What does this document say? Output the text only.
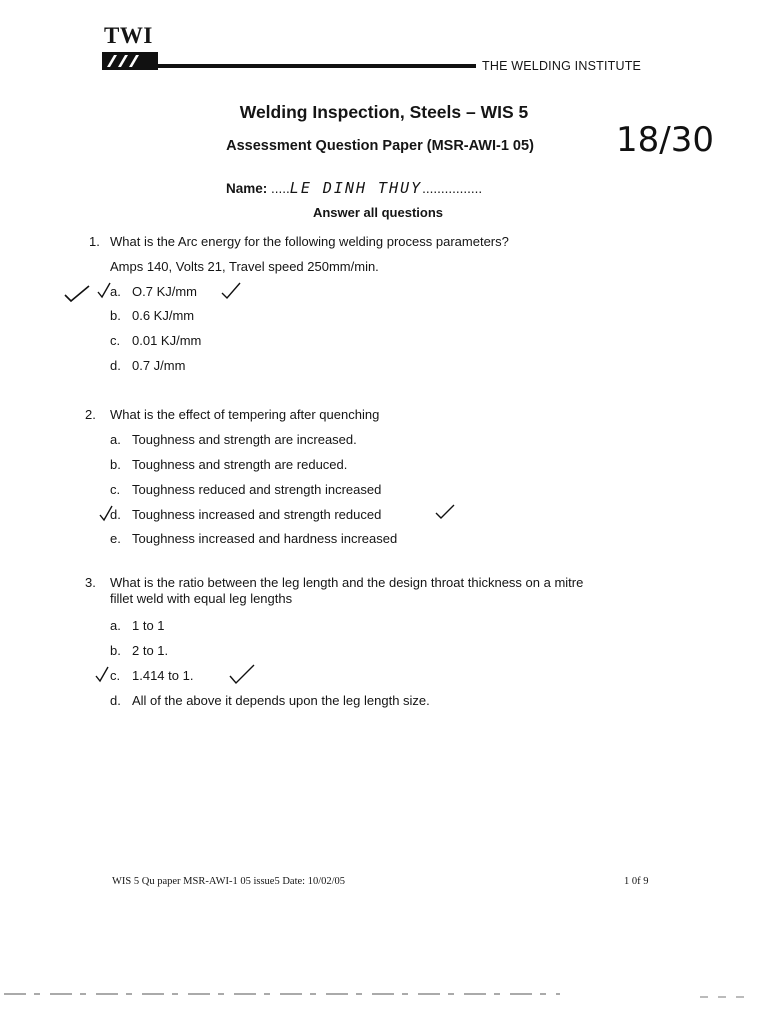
TWI
THE WELDING INSTITUTE
Welding Inspection, Steels – WIS 5
Assessment Question Paper (MSR-AWI-1 05)	18/30
Name: .....LE DINH THUY................
Answer all questions
1. What is the Arc energy for the following welding process parameters?
Amps 140, Volts 21, Travel speed 250mm/min.
a. O.7 KJ/mm
b. 0.6 KJ/mm
c. 0.01 KJ/mm
d. 0.7 J/mm
2. What is the effect of tempering after quenching
a. Toughness and strength are increased.
b. Toughness and strength are reduced.
c. Toughness reduced and strength increased
d. Toughness increased and strength reduced
e. Toughness increased and hardness increased
3. What is the ratio between the leg length and the design throat thickness on a mitre
fillet weld with equal leg lengths
a. 1 to 1
b. 2 to 1.
c. 1.414 to 1.
d. All of the above it depends upon the leg length size.
WIS 5 Qu paper MSR-AWI-1 05 issue5 Date: 10/02/05	1 0f 9
